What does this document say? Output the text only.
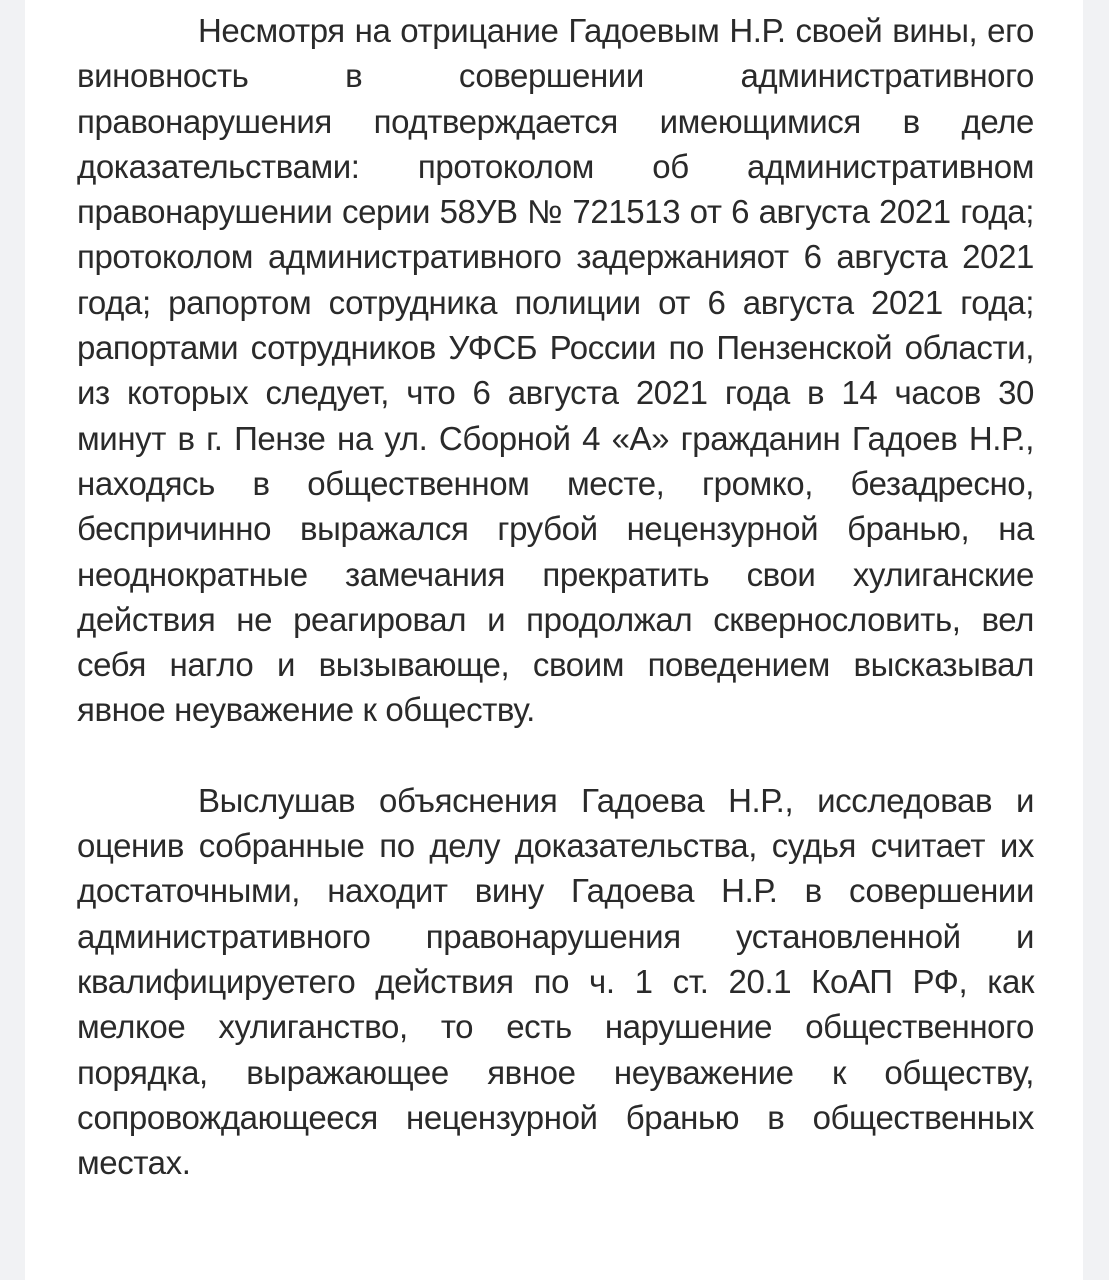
Несмотря на отрицание Гадоевым Н.Р. своей вины, его виновность в совершении административного правонарушения подтверждается имеющимися в деле доказательствами: протоколом об административном правонарушении серии 58УВ № 721513 от 6 августа 2021 года; протоколом административного задержанияот 6 августа 2021 года; рапортом сотрудника полиции от 6 августа 2021 года; рапортами сотрудников УФСБ России по Пензенской области, из которых следует, что 6 августа 2021 года в 14 часов 30 минут в г. Пензе на ул. Сборной 4 «А» гражданин Гадоев Н.Р., находясь в общественном месте, громко, безадресно, беспричинно выражался грубой нецензурной бранью, на неоднократные замечания прекратить свои хулиганские действия не реагировал и продолжал сквернословить, вел себя нагло и вызывающе, своим поведением высказывал явное неуважение к обществу.

Выслушав объяснения Гадоева Н.Р., исследовав и оценив собранные по делу доказательства, судья считает их достаточными, находит вину Гадоева Н.Р. в совершении административного правонарушения установленной и квалифицируетего действия по ч. 1 ст. 20.1 КоАП РФ, как мелкое хулиганство, то есть нарушение общественного порядка, выражающее явное неуважение к обществу, сопровождающееся нецензурной бранью в общественных местах.
